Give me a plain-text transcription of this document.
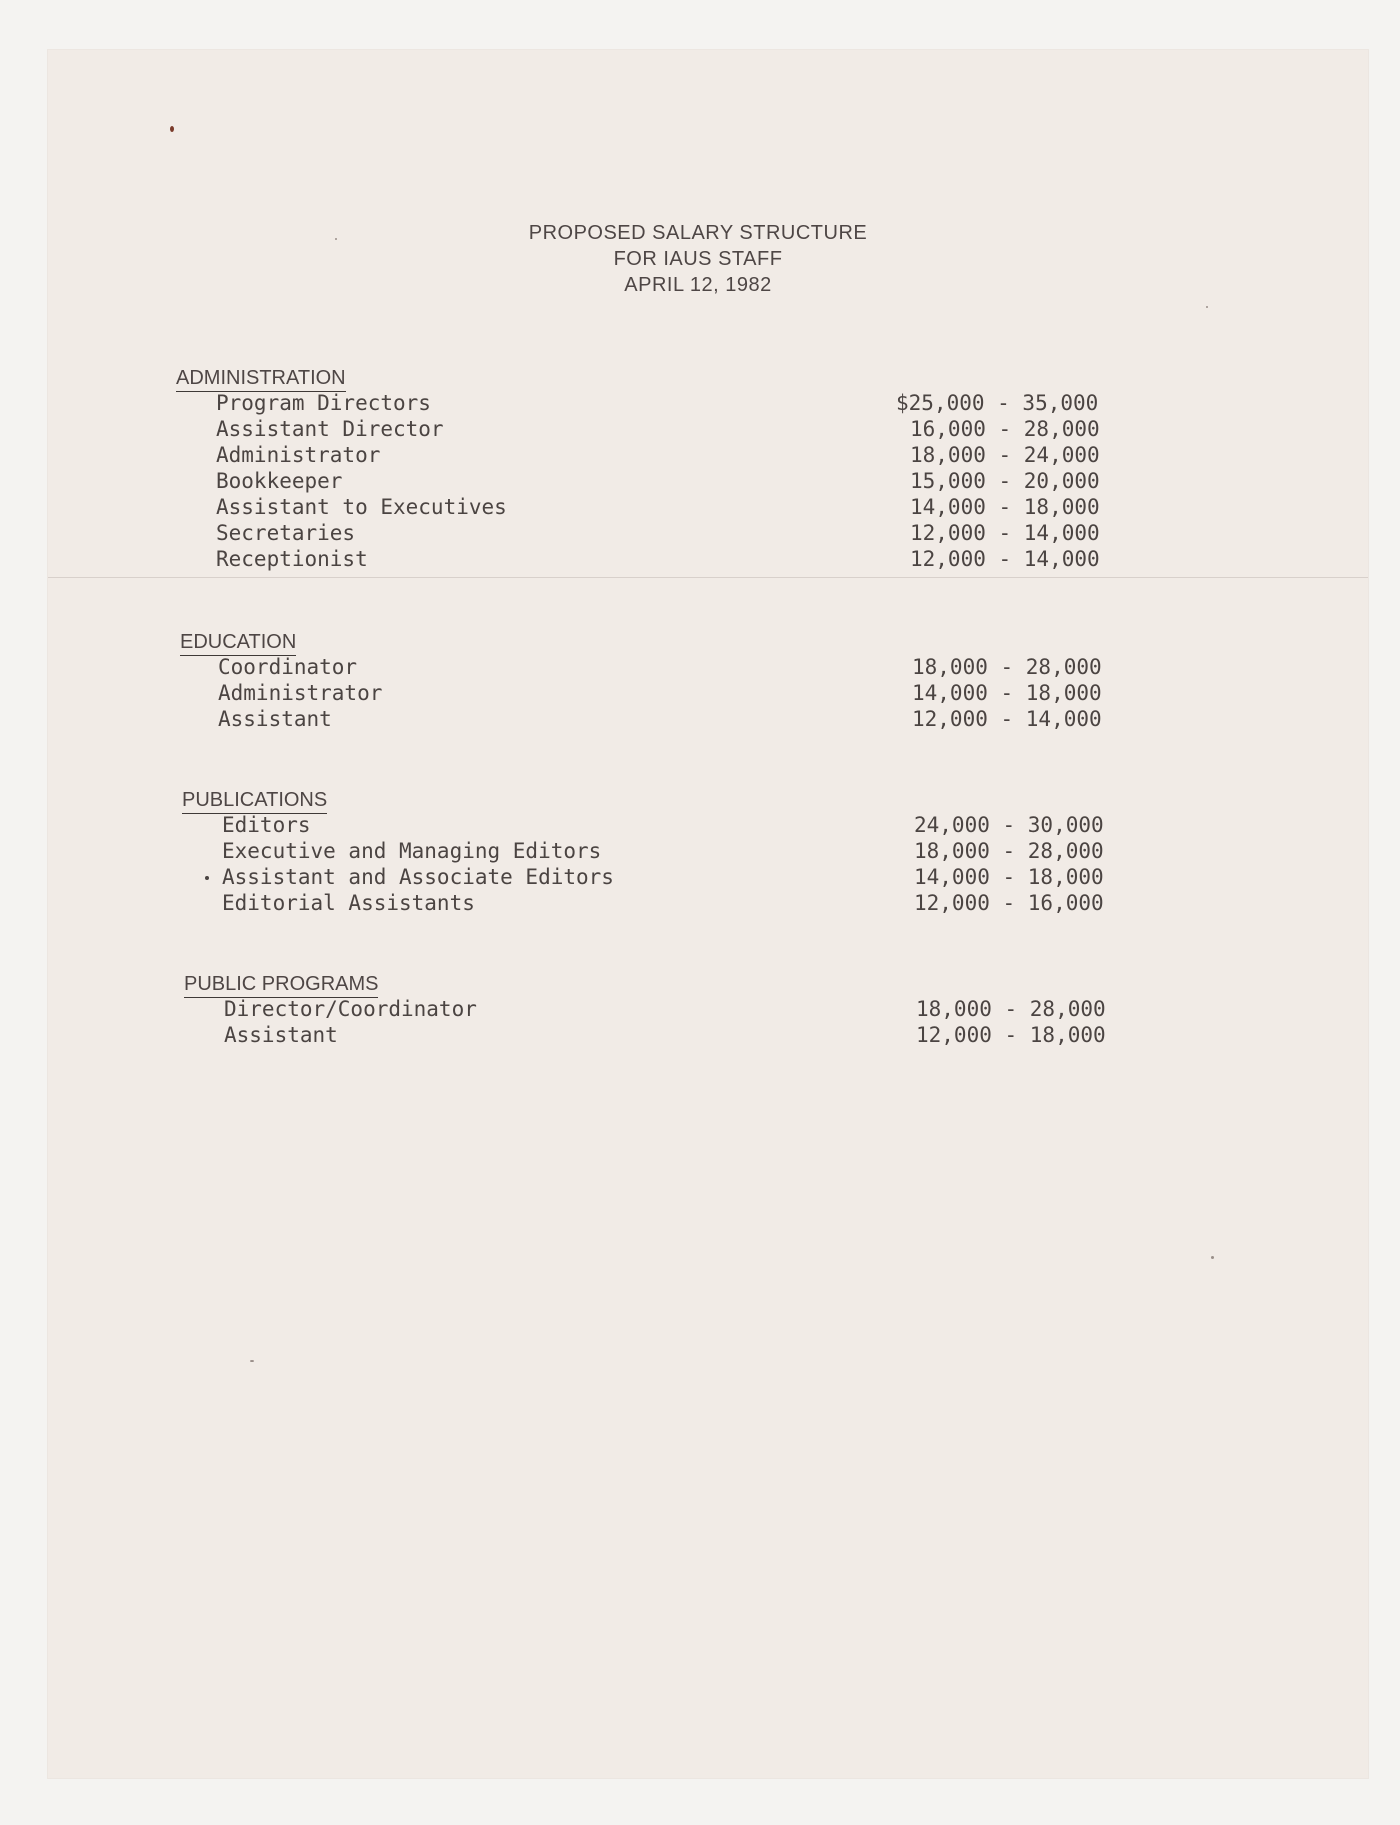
PROPOSED SALARY STRUCTURE
FOR IAUS STAFF
APRIL 12, 1982
ADMINISTRATION
Program Directors	$25,000 - 35,000
Assistant Director	16,000 - 28,000
Administrator	18,000 - 24,000
Bookkeeper	15,000 - 20,000
Assistant to Executives	14,000 - 18,000
Secretaries	12,000 - 14,000
Receptionist	12,000 - 14,000
EDUCATION
Coordinator	18,000 - 28,000
Administrator	14,000 - 18,000
Assistant	12,000 - 14,000
PUBLICATIONS
Editors	24,000 - 30,000
Executive and Managing Editors	18,000 - 28,000
Assistant and Associate Editors	14,000 - 18,000
Editorial Assistants	12,000 - 16,000
PUBLIC PROGRAMS
Director/Coordinator	18,000 - 28,000
Assistant	12,000 - 18,000
